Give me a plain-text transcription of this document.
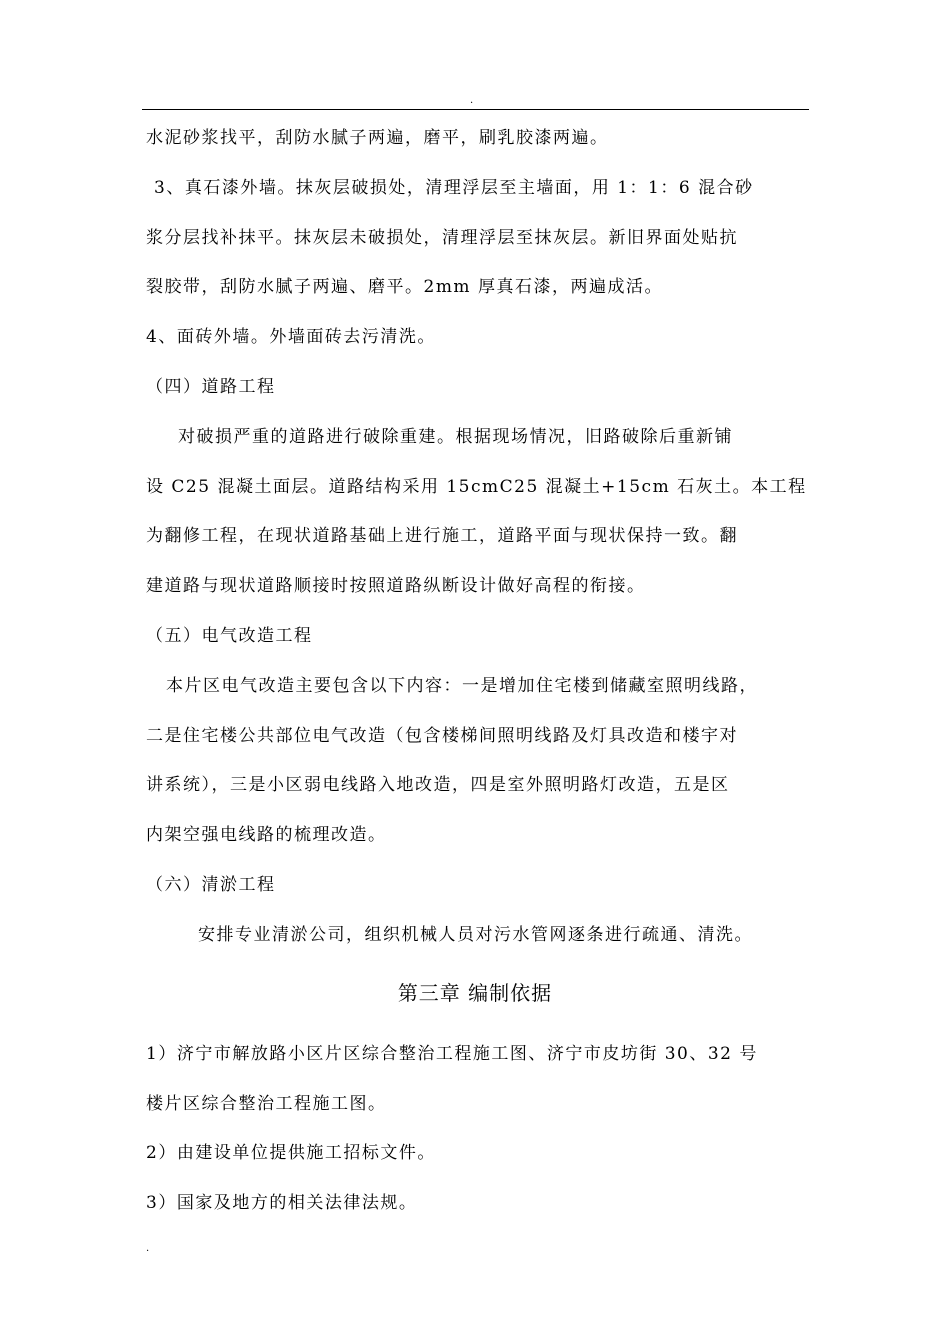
.
水泥砂浆找平，刮防水腻子两遍，磨平，刷乳胶漆两遍。
3、真石漆外墙。抹灰层破损处，清理浮层至主墙面，用 1：1：6 混合砂
浆分层找补抹平。抹灰层未破损处，清理浮层至抹灰层。新旧界面处贴抗
裂胶带，刮防水腻子两遍、磨平。2mm 厚真石漆，两遍成活。
4、面砖外墙。外墙面砖去污清洗。
（四）道路工程
对破损严重的道路进行破除重建。根据现场情况，旧路破除后重新铺
设 C25 混凝土面层。道路结构采用 15cmC25 混凝土+15cm 石灰土。本工程
为翻修工程，在现状道路基础上进行施工，道路平面与现状保持一致。翻
建道路与现状道路顺接时按照道路纵断设计做好高程的衔接。
（五）电气改造工程
本片区电气改造主要包含以下内容：一是增加住宅楼到储藏室照明线路，
二是住宅楼公共部位电气改造（包含楼梯间照明线路及灯具改造和楼宇对
讲系统），三是小区弱电线路入地改造，四是室外照明路灯改造，五是区
内架空强电线路的梳理改造。
（六）清淤工程
安排专业清淤公司，组织机械人员对污水管网逐条进行疏通、清洗。
第三章 编制依据
1）济宁市解放路小区片区综合整治工程施工图、济宁市皮坊街 30、32 号
楼片区综合整治工程施工图。
2）由建设单位提供施工招标文件。
3）国家及地方的相关法律法规。
.
